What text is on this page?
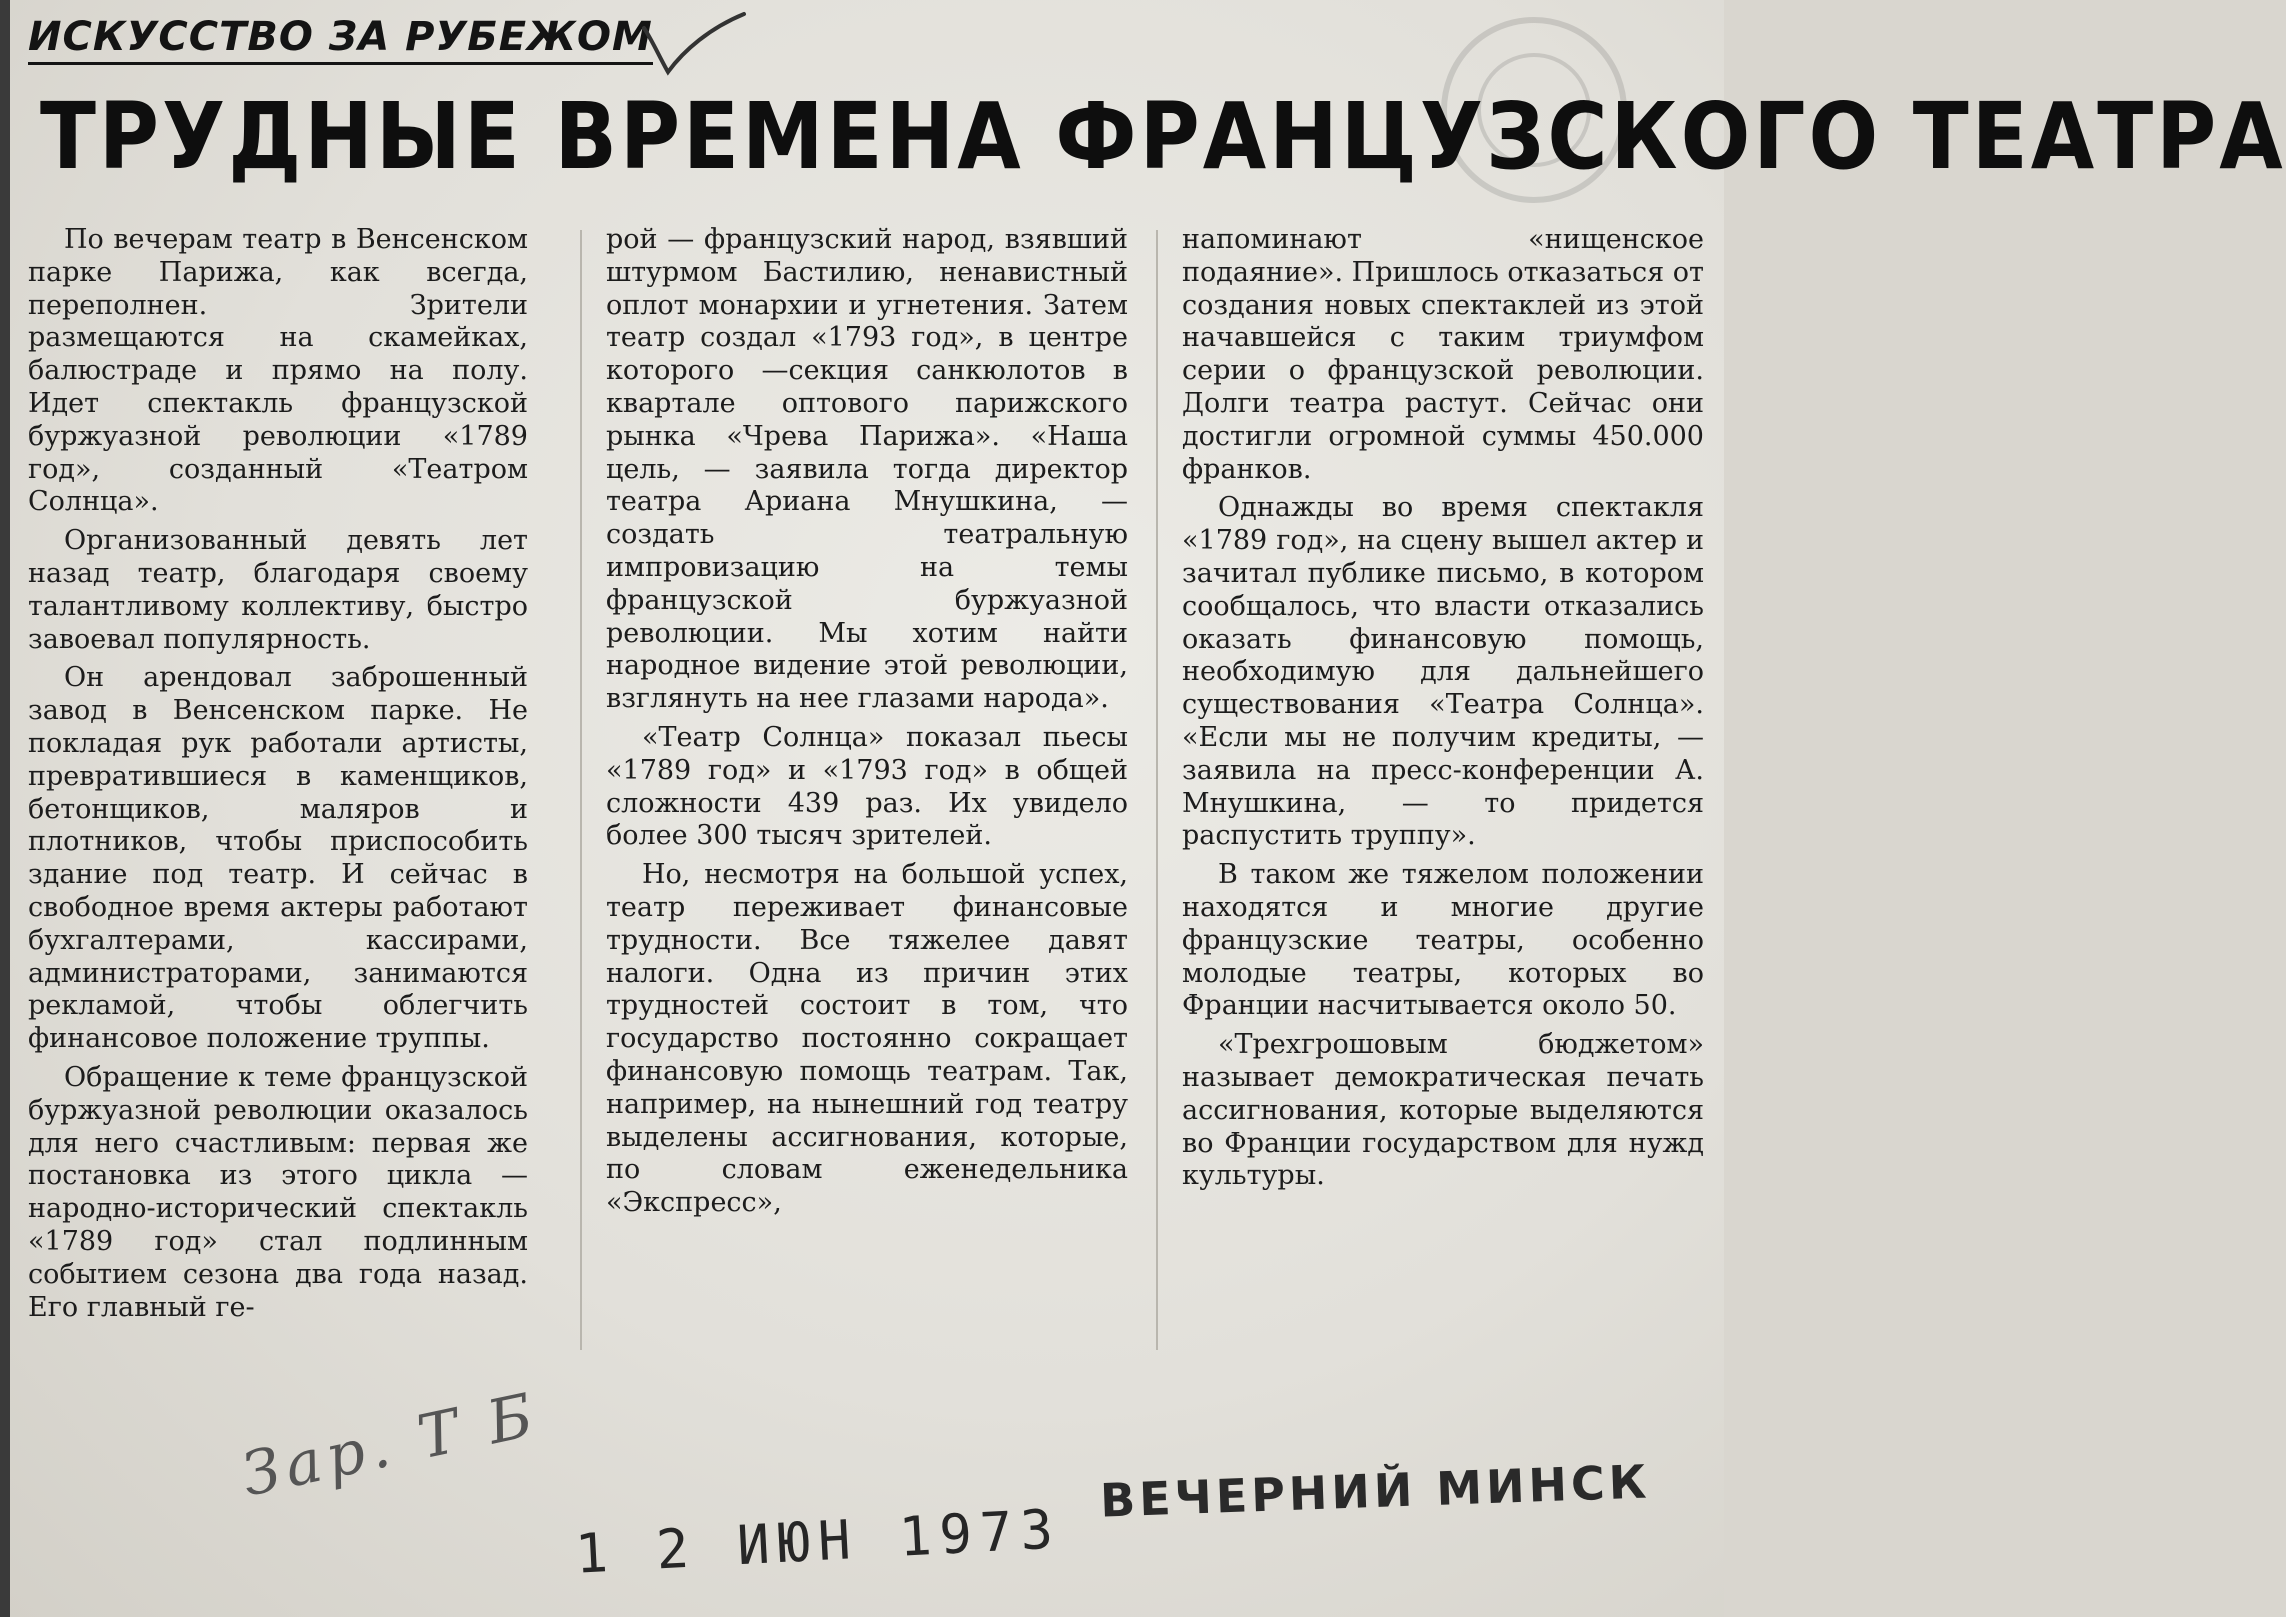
ИСКУССТВО ЗА РУБЕЖОМ
ТРУДНЫЕ ВРЕМЕНА ФРАНЦУЗСКОГО ТЕАТРА

По вечерам театр в Венсенском парке Парижа, как всегда, переполнен. Зрители размещаются на скамейках, балюстраде и прямо на полу. Идет спектакль французской буржуазной революции «1789 год», созданный «Театром Солнца».

Организованный девять лет назад театр, благодаря своему талантливому коллективу, быстро завоевал популярность.

Он арендовал заброшенный завод в Венсенском парке. Не покладая рук работали артисты, превратившиеся в каменщиков, бетонщиков, маляров и плотников, чтобы приспособить здание под театр. И сейчас в свободное время актеры работают бухгалтерами, кассирами, администраторами, занимаются рекламой, чтобы облегчить финансовое положение труппы.

Обращение к теме французской буржуазной революции оказалось для него счастливым: первая же постановка из этого цикла — народно-исторический спектакль «1789 год» стал подлинным событием сезона два года назад. Его главный ге-

рой — французский народ, взявший штурмом Бастилию, ненавистный оплот монархии и угнетения. Затем театр создал «1793 год», в центре которого —секция санкюлотов в квартале оптового парижского рынка «Чрева Парижа». «Наша цель, — заявила тогда директор театра Ариана Мнушкина, —создать театральную импровизацию на темы французской буржуазной революции. Мы хотим найти народное видение этой революции, взглянуть на нее глазами народа».

«Театр Солнца» показал пьесы «1789 год» и «1793 год» в общей сложности 439 раз. Их увидело более 300 тысяч зрителей.

Но, несмотря на большой успех, театр переживает финансовые трудности. Все тяжелее давят налоги. Одна из причин этих трудностей состоит в том, что государство постоянно сокращает финансовую помощь театрам. Так, например, на нынешний год театру выделены ассигнования, которые, по словам еженедельника «Экспресс»,

напоминают «нищенское подаяние». Пришлось отказаться от создания новых спектаклей из этой начавшейся с таким триумфом серии о французской революции. Долги театра растут. Сейчас они достигли огромной суммы 450.000 франков.

Однажды во время спектакля «1789 год», на сцену вышел актер и зачитал публике письмо, в котором сообщалось, что власти отказались оказать финансовую помощь, необходимую для дальнейшего существования «Театра Солнца». «Если мы не получим кредиты, — заявила на пресс-конференции А. Мнушкина, — то придется распустить труппу».

В таком же тяжелом положении находятся и многие другие французские театры, особенно молодые театры, которых во Франции насчитывается около 50.

«Трехгрошовым бюджетом» называет демократическая печать ассигнования, которые выделяются во Франции государством для нужд культуры.

Зар. Т Б
1 2 ИЮН 1973
ВЕЧЕРНИЙ МИНСК
